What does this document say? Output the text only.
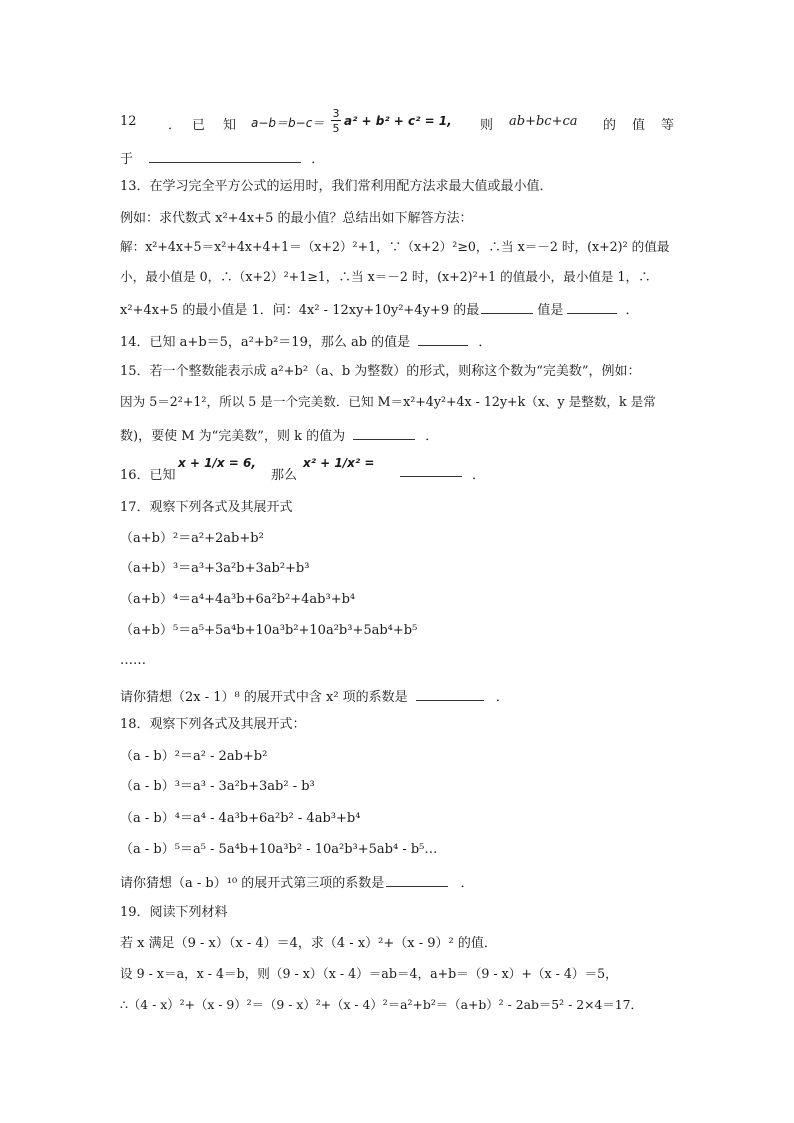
12 ． 已 知 a−b＝b−c＝
3
5
a² + b² + c² = 1, 则 ab+bc+ca 的 值 等
于	．
13．在学习完全平方公式的运用时，我们常利用配方法求最大值或最小值．
例如：求代数式 x²+4x+5 的最小值？总结出如下解答方法：
解：x²+4x+5＝x²+4x+4+1＝（x+2）²+1，∵（x+2）²≥0，∴当 x＝－2 时，(x+2)² 的值最
小，最小值是 0，∴（x+2）²+1≥1，∴当 x＝－2 时，(x+2)²+1 的值最小，最小值是 1，∴
x²+4x+5 的最小值是 1．问：4x² - 12xy+10y²+4y+9 的最	值是	．
14．已知 a+b＝5，a²+b²＝19，那么 ab 的值是	．
15．若一个整数能表示成 a²+b²（a、b 为整数）的形式，则称这个数为“完美数”，例如：
因为 5＝2²+1²，所以 5 是一个完美数．已知 M＝x²+4y²+4x - 12y+k（x、y 是整数，k 是常
数)，要使 M 为“完美数”，则 k 的值为	．
16．已知
x + 1/x = 6,
那么
x² + 1/x² =
．
17．观察下列各式及其展开式
（a+b）²＝a²+2ab+b²
（a+b）³＝a³+3a²b+3ab²+b³
（a+b）⁴＝a⁴+4a³b+6a²b²+4ab³+b⁴
（a+b）⁵＝a⁵+5a⁴b+10a³b²+10a²b³+5ab⁴+b⁵
……
请你猜想（2x - 1）⁸ 的展开式中含 x² 项的系数是	．
18．观察下列各式及其展开式：
（a - b）²＝a² - 2ab+b²
（a - b）³＝a³ - 3a²b+3ab² - b³
（a - b）⁴＝a⁴ - 4a³b+6a²b² - 4ab³+b⁴
（a - b）⁵＝a⁵ - 5a⁴b+10a³b² - 10a²b³+5ab⁴ - b⁵…
请你猜想（a - b）¹⁰ 的展开式第三项的系数是	．
19．阅读下列材料
若 x 满足（9 - x）（x - 4）＝4，求（4 - x）²+（x - 9）² 的值．
设 9 - x＝a，x - 4＝b，则（9 - x）（x - 4）＝ab＝4，a+b＝（9 - x）+（x - 4）＝5，
∴（4 - x）²+（x - 9）²＝（9 - x）²+（x - 4）²＝a²+b²＝（a+b）² - 2ab＝5² - 2×4＝17．
